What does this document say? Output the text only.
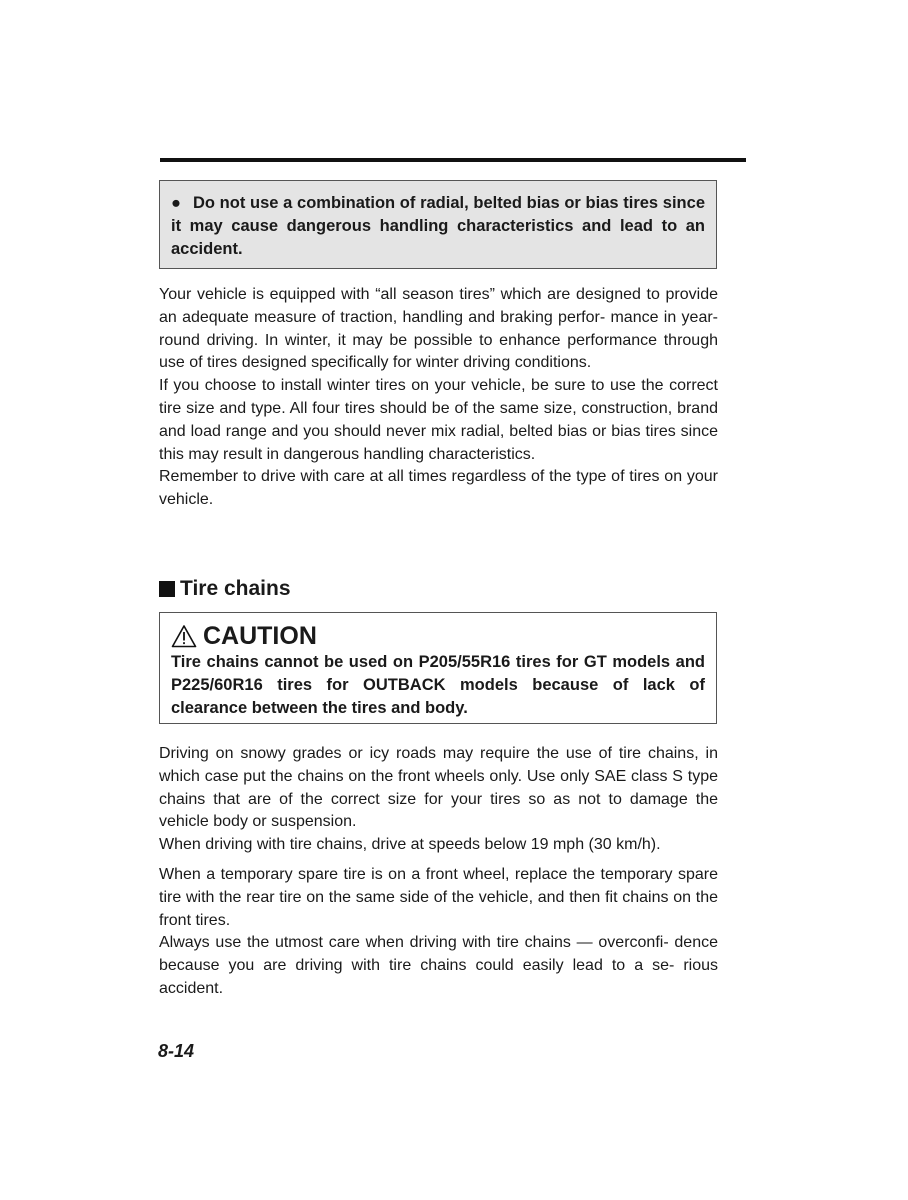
● Do not use a combination of radial, belted bias or bias tires since it may cause dangerous handling characteristics and lead to an accident.

Your vehicle is equipped with “all season tires” which are designed to provide an adequate measure of traction, handling and braking perfor- mance in year-round driving. In winter, it may be possible to enhance performance through use of tires designed specifically for winter driving conditions.

If you choose to install winter tires on your vehicle, be sure to use the correct tire size and type. All four tires should be of the same size, construction, brand and load range and you should never mix radial, belted bias or bias tires since this may result in dangerous handling characteristics.

Remember to drive with care at all times regardless of the type of tires on your vehicle.

Tire chains
CAUTION
Tire chains cannot be used on P205/55R16 tires for GT models and P225/60R16 tires for OUTBACK models because of lack of clearance between the tires and body.

Driving on snowy grades or icy roads may require the use of tire chains, in which case put the chains on the front wheels only. Use only SAE class S type chains that are of the correct size for your tires so as not to damage the vehicle body or suspension.

When driving with tire chains, drive at speeds below 19 mph (30 km/h).

When a temporary spare tire is on a front wheel, replace the temporary spare tire with the rear tire on the same side of the vehicle, and then fit chains on the front tires.

Always use the utmost care when driving with tire chains — overconfi- dence because you are driving with tire chains could easily lead to a se- rious accident.

8-14
